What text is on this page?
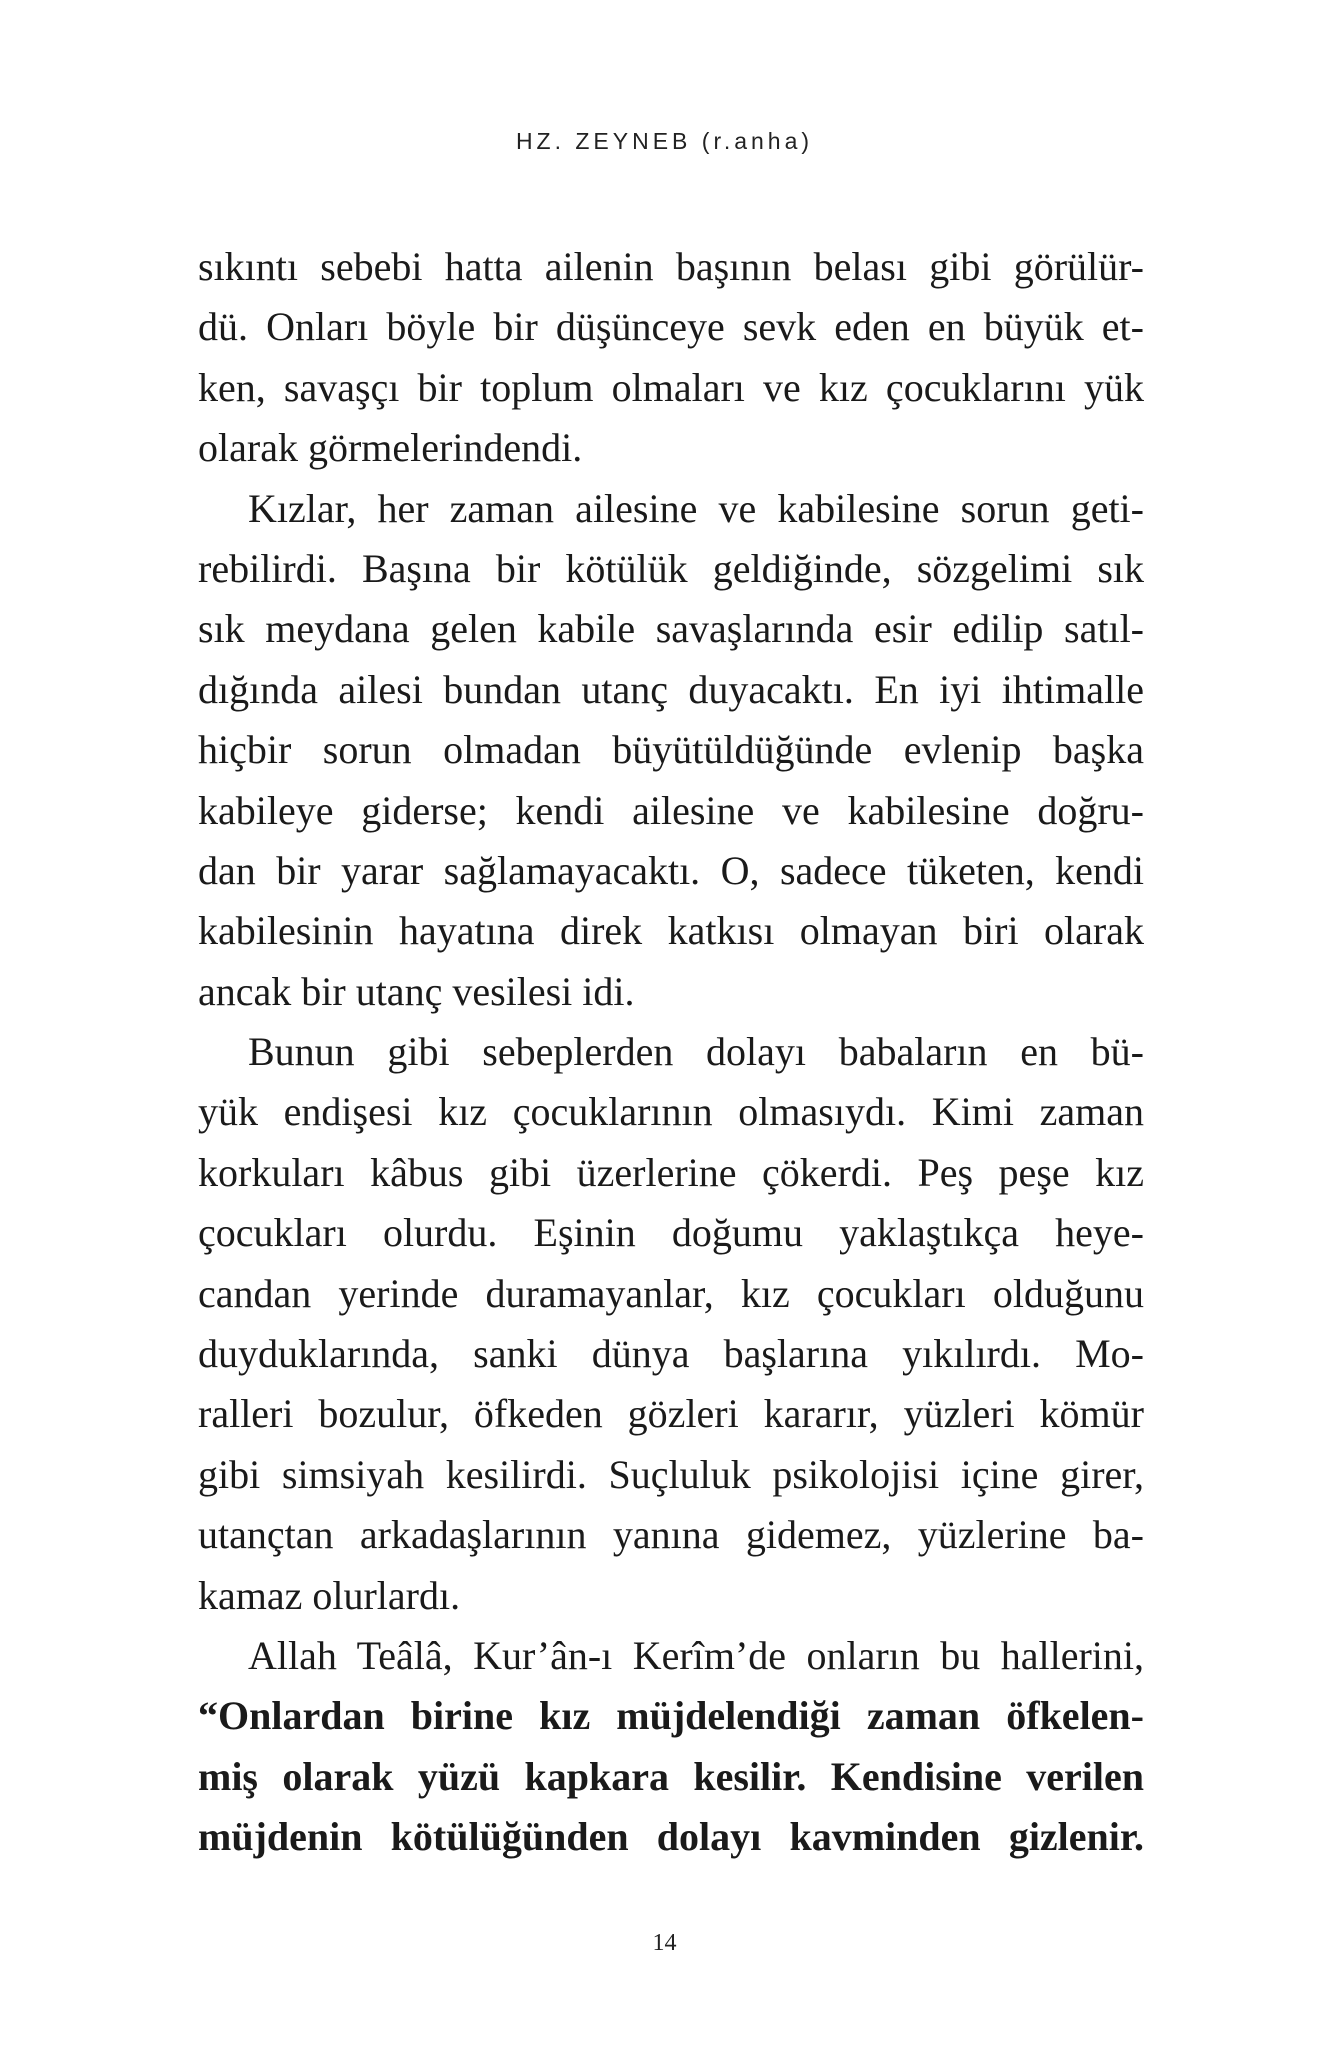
HZ. ZEYNEB (r.anha)
sıkıntı sebebi hatta ailenin başının belası gibi görülür-
dü. Onları böyle bir düşünceye sevk eden en büyük et-
ken, savaşçı bir toplum olmaları ve kız çocuklarını yük
olarak görmelerindendi.
Kızlar, her zaman ailesine ve kabilesine sorun geti-
rebilirdi. Başına bir kötülük geldiğinde, sözgelimi sık
sık meydana gelen kabile savaşlarında esir edilip satıl-
dığında ailesi bundan utanç duyacaktı. En iyi ihtimalle
hiçbir sorun olmadan büyütüldüğünde evlenip başka
kabileye giderse; kendi ailesine ve kabilesine doğru-
dan bir yarar sağlamayacaktı. O, sadece tüketen, kendi
kabilesinin hayatına direk katkısı olmayan biri olarak
ancak bir utanç vesilesi idi.
Bunun gibi sebeplerden dolayı babaların en bü-
yük endişesi kız çocuklarının olmasıydı. Kimi zaman
korkuları kâbus gibi üzerlerine çökerdi. Peş peşe kız
çocukları olurdu. Eşinin doğumu yaklaştıkça heye-
candan yerinde duramayanlar, kız çocukları olduğunu
duyduklarında, sanki dünya başlarına yıkılırdı. Mo-
ralleri bozulur, öfkeden gözleri kararır, yüzleri kömür
gibi simsiyah kesilirdi. Suçluluk psikolojisi içine girer,
utançtan arkadaşlarının yanına gidemez, yüzlerine ba-
kamaz olurlardı.
Allah Teâlâ, Kur’ân-ı Kerîm’de onların bu hallerini,
“Onlardan birine kız müjdelendiği zaman öfkelen-
miş olarak yüzü kapkara kesilir. Kendisine verilen
müjdenin kötülüğünden dolayı kavminden gizlenir.
14
